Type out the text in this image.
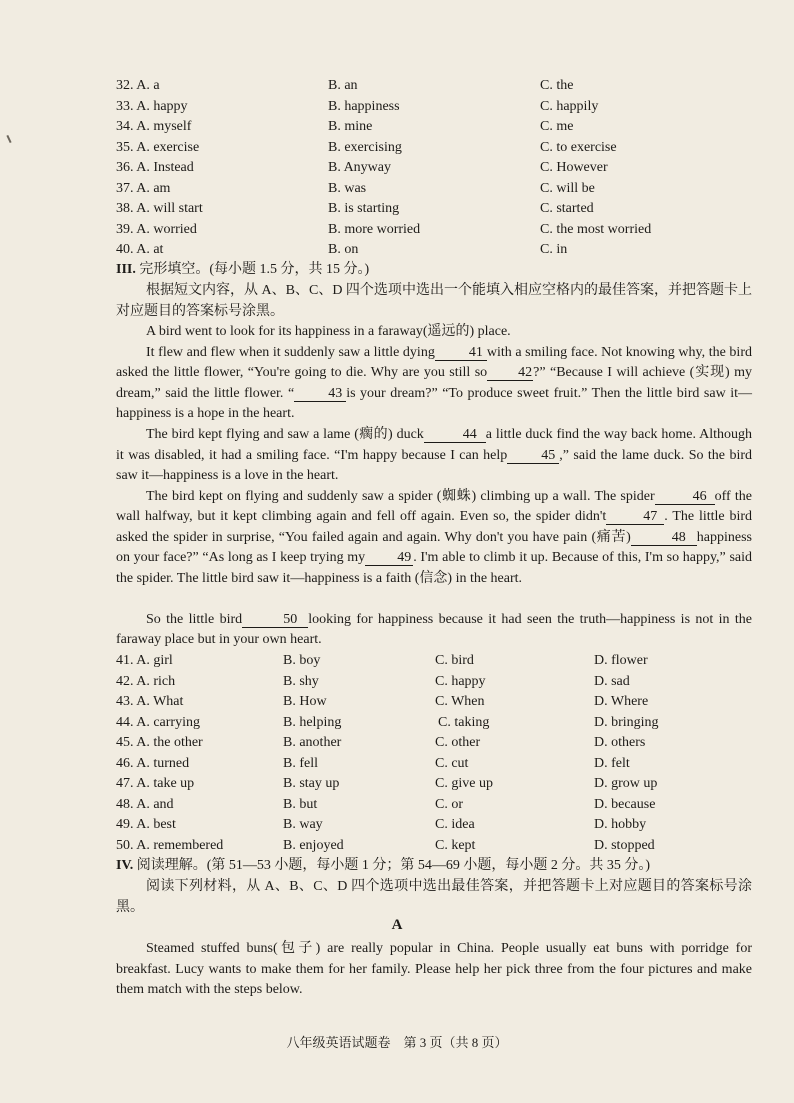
32. A. a	B. an	C. the
33. A. happy	B. happiness	C. happily
34. A. myself	B. mine	C. me
35. A. exercise	B. exercising	C. to exercise
36. A. Instead	B. Anyway	C. However
37. A. am	B. was	C. will be
38. A. will start	B. is starting	C. started
39. A. worried	B. more worried	C. the most worried
40. A. at	B. on	C. in
III. 完形填空。(每小题 1.5 分，共 15 分。)
根据短文内容，从 A、B、C、D 四个选项中选出一个能填入相应空格内的最佳答案，并把答题卡上对应题目的答案标号涂黑。
A bird went to look for its happiness in a faraway(遥远的) place.
It flew and flew when it suddenly saw a little dying 41 with a smiling face. Not knowing why, the bird asked the little flower, “You're going to die. Why are you still so 42?” “Because I will achieve (实现) my dream,” said the little flower. “ 43 is your dream?” “To produce sweet fruit.” Then the little bird saw it—happiness is a hope in the heart.
The bird kept flying and saw a lame (瘸的) duck	44 a little duck find the way back home. Although it was disabled, it had a smiling face. “I'm happy because I can help 45 ,” said the lame duck. So the bird saw it—happiness is a love in the heart.
The bird kept on flying and suddenly saw a spider (蜘蛛) climbing up a wall. The spider	46 off the wall halfway, but it kept climbing again and fell off again. Even so, the spider didn't	47 . The little bird asked the spider in surprise, “You failed again and again. Why don't you have pain (痛苦)	48 happiness on your face?” “As long as I keep trying my 49 . I'm able to climb it up. Because of this, I'm so happy,” said the spider. The little bird saw it—happiness is a faith (信念) in the heart.
So the little bird	50 looking for happiness because it had seen the truth—happiness is not in the faraway place but in your own heart.
41. A. girl	B. boy	C. bird	D. flower
42. A. rich	B. shy	C. happy	D. sad
43. A. What	B. How	C. When	D. Where
44. A. carrying	B. helping	C. taking	D. bringing
45. A. the other	B. another	C. other	D. others
46. A. turned	B. fell	C. cut	D. felt
47. A. take up	B. stay up	C. give up	D. grow up
48. A. and	B. but	C. or	D. because
49. A. best	B. way	C. idea	D. hobby
50. A. remembered	B. enjoyed	C. kept	D. stopped
IV. 阅读理解。(第 51—53 小题，每小题 1 分；第 54—69 小题，每小题 2 分。共 35 分。)
阅读下列材料，从 A、B、C、D 四个选项中选出最佳答案，并把答题卡上对应题目的答案标号涂黑。
A
Steamed stuffed buns(包子) are really popular in China. People usually eat buns with porridge for breakfast. Lucy wants to make them for her family. Please help her pick three from the four pictures and make them match with the steps below.
八年级英语试题卷　第 3 页（共 8 页）
